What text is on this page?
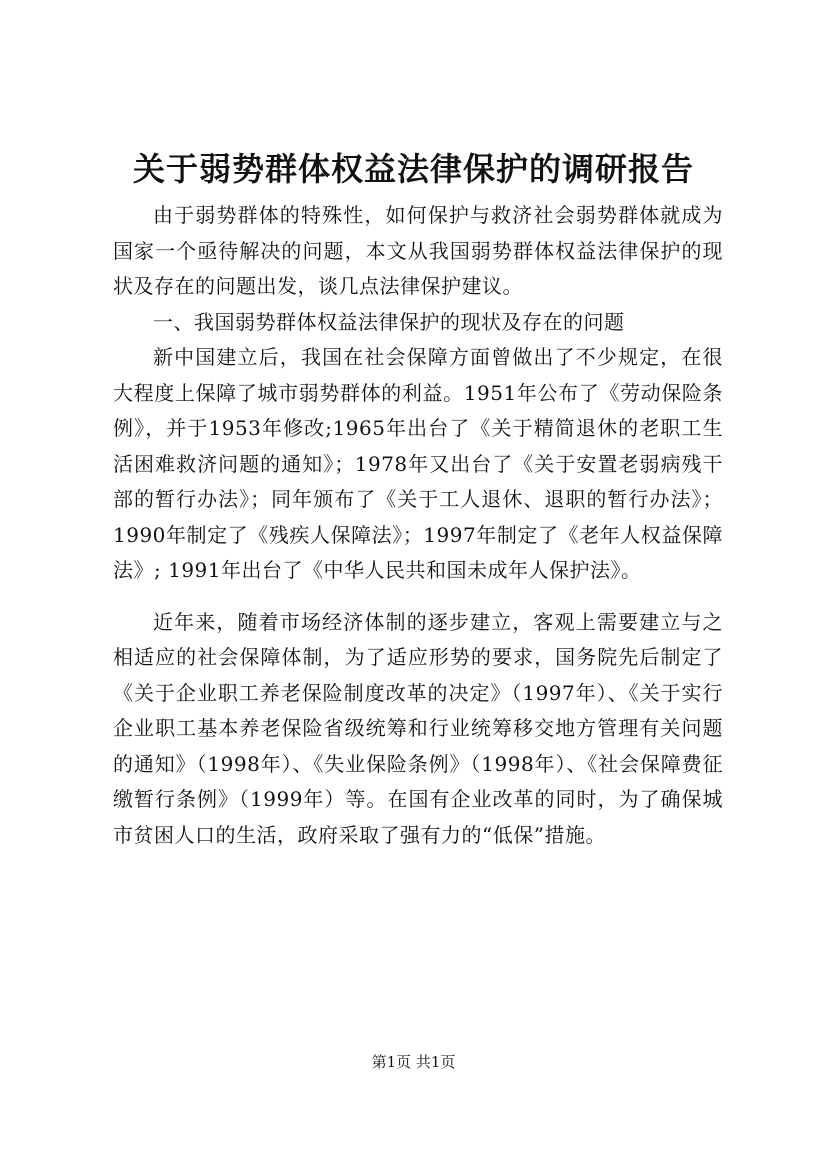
关于弱势群体权益法律保护的调研报告

由于弱势群体的特殊性，如何保护与救济社会弱势群体就成为国家一个亟待解决的问题，本文从我国弱势群体权益法律保护的现状及存在的问题出发，谈几点法律保护建议。

一、我国弱势群体权益法律保护的现状及存在的问题

新中国建立后，我国在社会保障方面曾做出了不少规定，在很大程度上保障了城市弱势群体的利益。1951年公布了《劳动保险条例》，并于1953年修改;1965年出台了《关于精简退休的老职工生活困难救济问题的通知》；1978年又出台了《关于安置老弱病残干部的暂行办法》；同年颁布了《关于工人退休、退职的暂行办法》；1990年制定了《残疾人保障法》；1997年制定了《老年人权益保障法》; 1991年出台了《中华人民共和国未成年人保护法》。

近年来，随着市场经济体制的逐步建立，客观上需要建立与之相适应的社会保障体制，为了适应形势的要求，国务院先后制定了《关于企业职工养老保险制度改革的决定》（1997年）、《关于实行企业职工基本养老保险省级统筹和行业统筹移交地方管理有关问题的通知》（1998年）、《失业保险条例》（1998年）、《社会保障费征缴暂行条例》（1999年）等。在国有企业改革的同时，为了确保城市贫困人口的生活，政府采取了强有力的“低保”措施。

第1页 共1页
